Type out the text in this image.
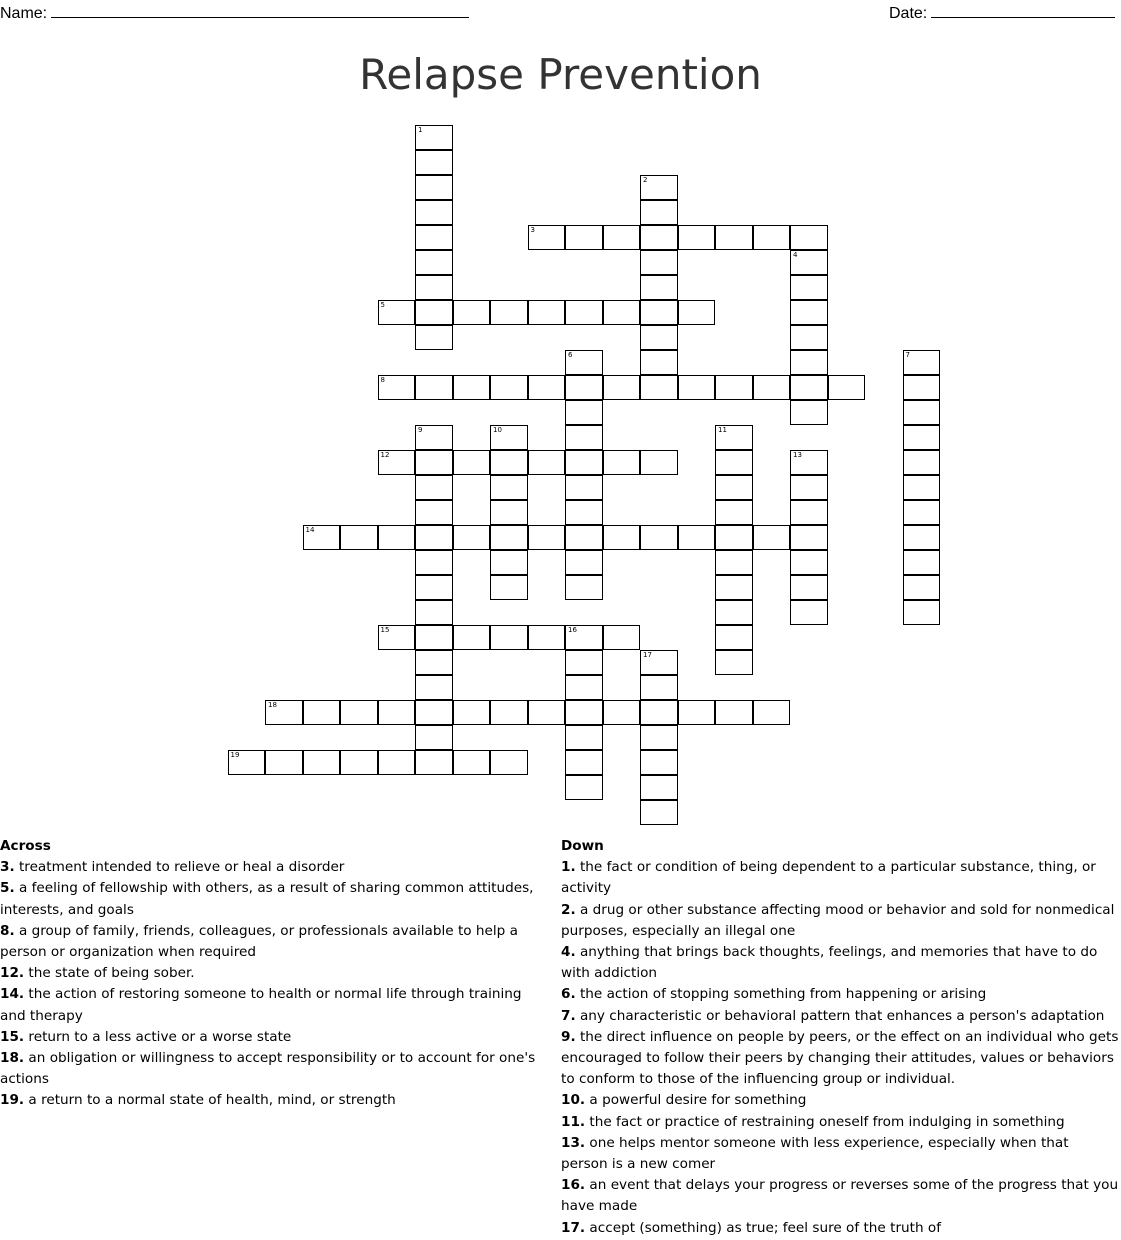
Name:	Date:
Relapse Prevention
1
2
3
4
5
6	7
8
9	10	11
12	13
14
15	16
17
18
19

Across

3. treatment intended to relieve or heal a disorder

5. a feeling of fellowship with others, as a result of sharing common attitudes, interests, and goals

8. a group of family, friends, colleagues, or professionals available to help a person or organization when required

12. the state of being sober.

14. the action of restoring someone to health or normal life through training and therapy

15. return to a less active or a worse state

18. an obligation or willingness to accept responsibility or to account for one's actions

19. a return to a normal state of health, mind, or strength

Down

1. the fact or condition of being dependent to a particular substance, thing, or activity

2. a drug or other substance affecting mood or behavior and sold for nonmedical purposes, especially an illegal one

4. anything that brings back thoughts, feelings, and memories that have to do with addiction

6. the action of stopping something from happening or arising

7. any characteristic or behavioral pattern that enhances a person's adaptation

9. the direct influence on people by peers, or the effect on an individual who gets encouraged to follow their peers by changing their attitudes, values or behaviors to conform to those of the influencing group or individual.

10. a powerful desire for something

11. the fact or practice of restraining oneself from indulging in something

13. one helps mentor someone with less experience, especially when that person is a new comer

16. an event that delays your progress or reverses some of the progress that you have made

17. accept (something) as true; feel sure of the truth of
